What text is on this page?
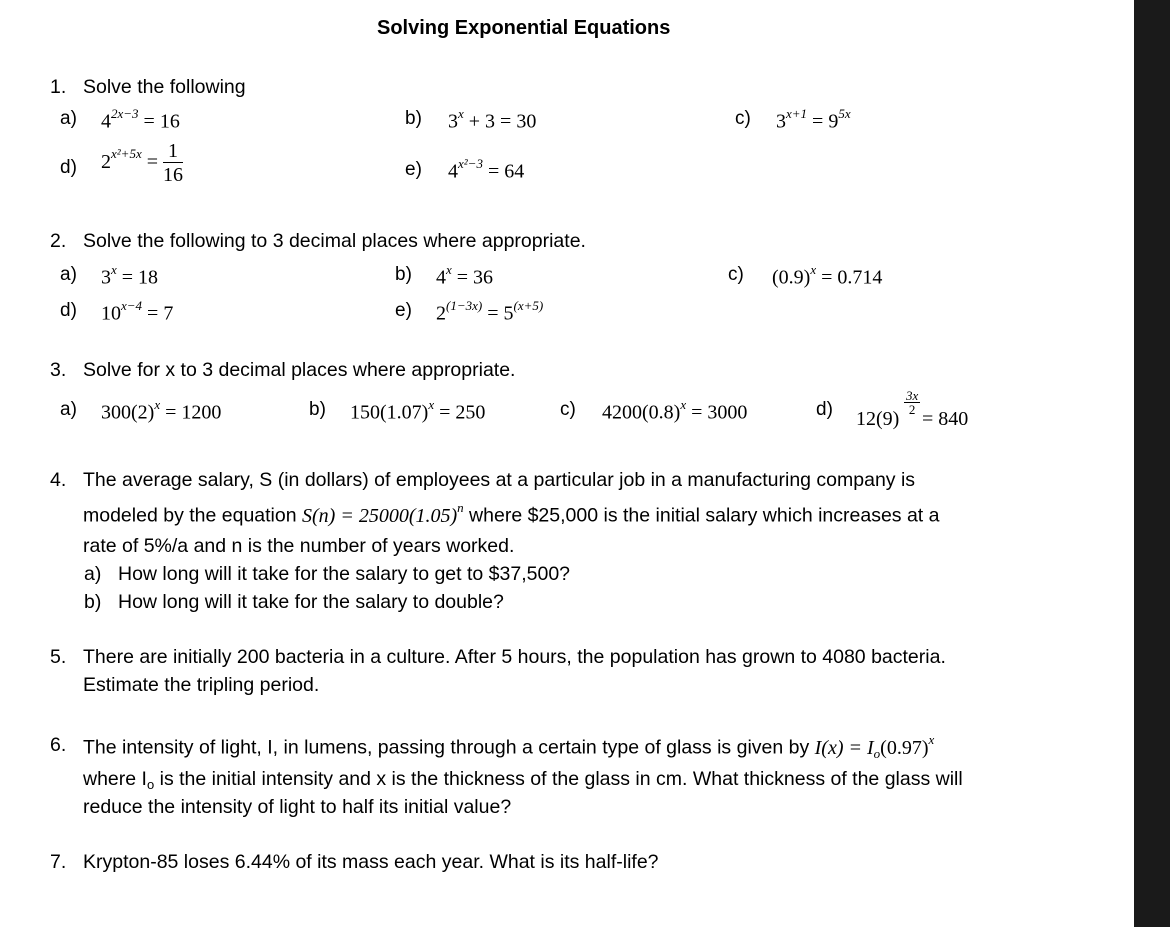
Solving Exponential Equations
1. Solve the following
a) $4^{2x-3} = 16$	b) $3^x + 3 = 30$	c) $3^{x+1} = 9^{5x}$
d) $2^{x^2+5x} = \frac{1}{16}$	e) $4^{x^2-3} = 64$
2. Solve the following to 3 decimal places where appropriate.
a) $3^x = 18$	b) $4^x = 36$	c) $(0.9)^x = 0.714$
d) $10^{x-4} = 7$	e) $2^{(1-3x)} = 5^{(x+5)}$
3. Solve for x to 3 decimal places where appropriate.
a) $300(2)^x = 1200$	b) $150(1.07)^x = 250$	c) $4200(0.8)^x = 3000$	d) 12(9)
$\frac{3x}{2}$
= 840
4. The average salary, S (in dollars) of employees at a particular job in a manufacturing company is
modeled by the equation $S(n) = 25000(1.05)^n$ where $25,000 is the initial salary which increases at a
rate of 5%/a and n is the number of years worked.
a) How long will it take for the salary to get to $37,500?
b) How long will it take for the salary to double?
5. There are initially 200 bacteria in a culture. After 5 hours, the population has grown to 4080 bacteria.
Estimate the tripling period.
6. The intensity of light, I, in lumens, passing through a certain type of glass is given by $I(x) = I_o(0.97)^x$
where $I_o$ is the initial intensity and x is the thickness of the glass in cm. What thickness of the glass will
reduce the intensity of light to half its initial value?
7. Krypton-85 loses 6.44% of its mass each year. What is its half-life?
